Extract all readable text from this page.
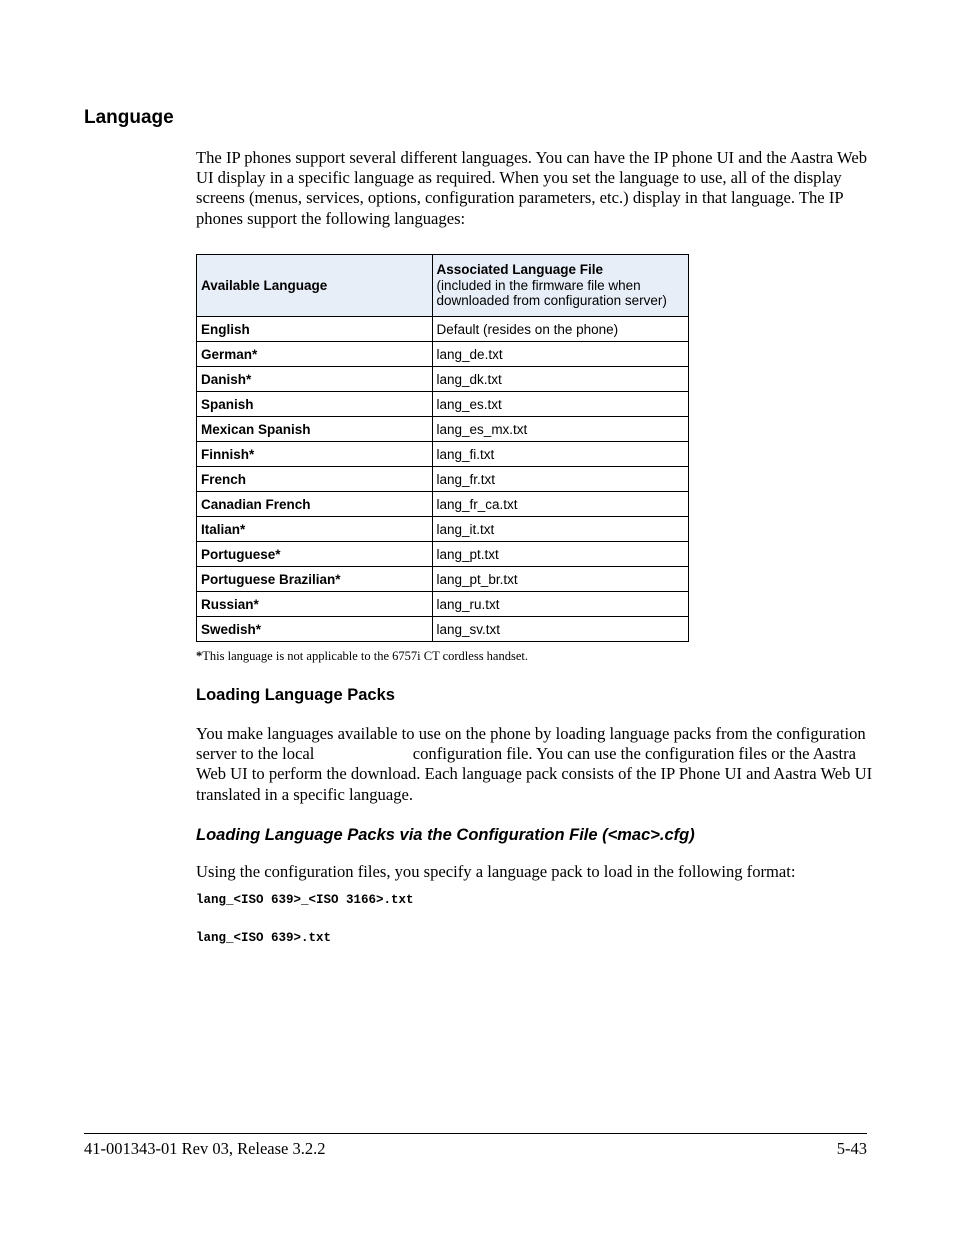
Language
The IP phones support several different languages. You can have the IP phone UI and the Aastra Web UI display in a specific language as required. When you set the language to use, all of the display screens (menus, services, options, configuration parameters, etc.) display in that language. The IP phones support the following languages:
Available Language	Associated Language File
(included in the firmware file when downloaded from configuration server)
English	Default (resides on the phone)
German*	lang_de.txt
Danish*	lang_dk.txt
Spanish	lang_es.txt
Mexican Spanish	lang_es_mx.txt
Finnish*	lang_fi.txt
French	lang_fr.txt
Canadian French	lang_fr_ca.txt
Italian*	lang_it.txt
Portuguese*	lang_pt.txt
Portuguese Brazilian*	lang_pt_br.txt
Russian*	lang_ru.txt
Swedish*	lang_sv.txt
*This language is not applicable to the 6757i CT cordless handset.
Loading Language Packs
You make languages available to use on the phone by loading language packs from the configuration server to the local	configuration file. You can use the configuration files or the Aastra Web UI to perform the download. Each language pack consists of the IP Phone UI and Aastra Web UI translated in a specific language.
Loading Language Packs via the Configuration File (<mac>.cfg)
Using the configuration files, you specify a language pack to load in the following format:
lang_<ISO 639>_<ISO 3166>.txt
lang_<ISO 639>.txt
41-001343-01 Rev 03, Release 3.2.2	5-43
